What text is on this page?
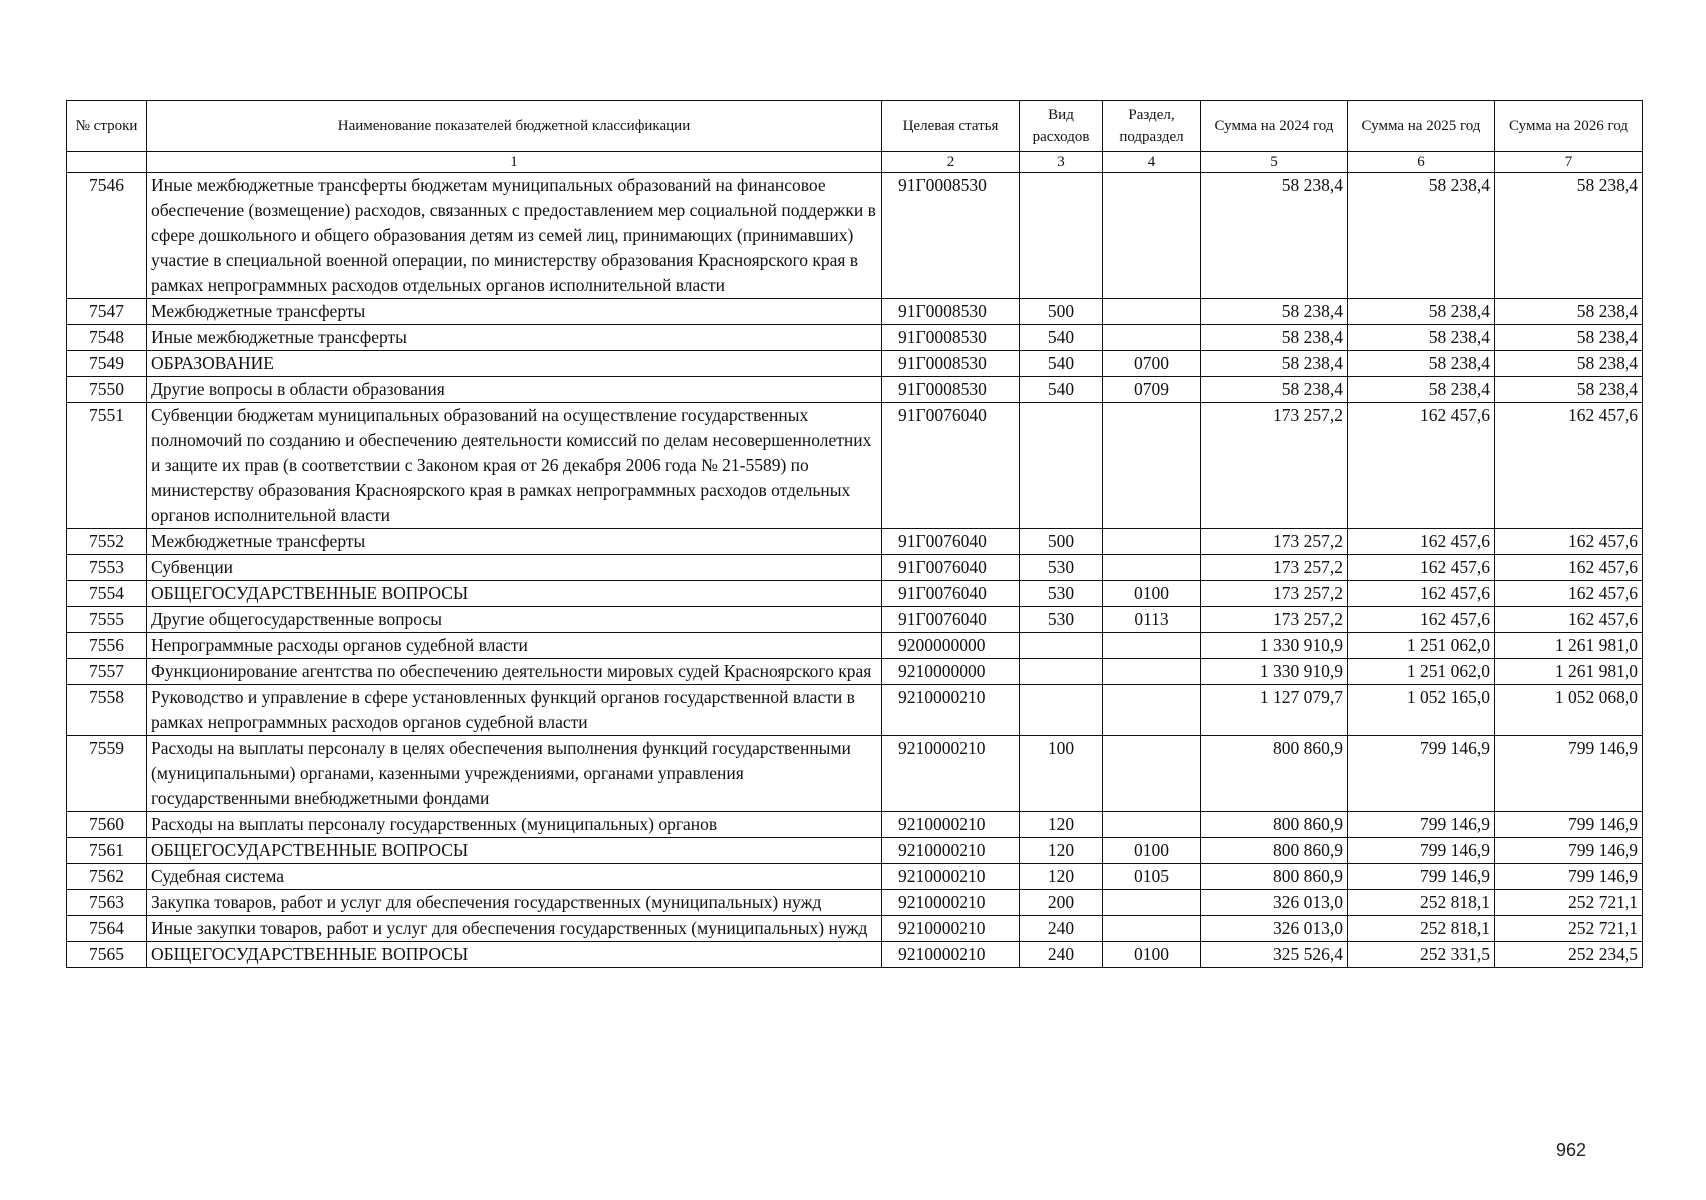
№ строки	Наименование показателей бюджетной классификации	Целевая статья	Вид расходов	Раздел, подраздел	Сумма на 2024 год	Сумма на 2025 год	Сумма на 2026 год
	1	2	3	4	5	6	7
7546	Иные межбюджетные трансферты бюджетам муниципальных образований на финансовое обеспечение (возмещение) расходов, связанных с предоставлением мер социальной поддержки в сфере дошкольного и общего образования детям из семей лиц, принимающих (принимавших) участие в специальной военной операции, по министерству образования Красноярского края в рамках непрограммных расходов отдельных органов исполнительной власти	91Г0008530			58 238,4	58 238,4	58 238,4
7547	Межбюджетные трансферты	91Г0008530	500		58 238,4	58 238,4	58 238,4
7548	Иные межбюджетные трансферты	91Г0008530	540		58 238,4	58 238,4	58 238,4
7549	ОБРАЗОВАНИЕ	91Г0008530	540	0700	58 238,4	58 238,4	58 238,4
7550	Другие вопросы в области образования	91Г0008530	540	0709	58 238,4	58 238,4	58 238,4
7551	Субвенции бюджетам муниципальных образований на осуществление государственных полномочий по созданию и обеспечению деятельности комиссий по делам несовершеннолетних и защите их прав (в соответствии с Законом края от 26 декабря 2006 года № 21-5589) по министерству образования Красноярского края в рамках непрограммных расходов отдельных органов исполнительной власти	91Г0076040			173 257,2	162 457,6	162 457,6
7552	Межбюджетные трансферты	91Г0076040	500		173 257,2	162 457,6	162 457,6
7553	Субвенции	91Г0076040	530		173 257,2	162 457,6	162 457,6
7554	ОБЩЕГОСУДАРСТВЕННЫЕ ВОПРОСЫ	91Г0076040	530	0100	173 257,2	162 457,6	162 457,6
7555	Другие общегосударственные вопросы	91Г0076040	530	0113	173 257,2	162 457,6	162 457,6
7556	Непрограммные расходы органов судебной власти	9200000000			1 330 910,9	1 251 062,0	1 261 981,0
7557	Функционирование агентства по обеспечению деятельности мировых судей Красноярского края	9210000000			1 330 910,9	1 251 062,0	1 261 981,0
7558	Руководство и управление в сфере установленных функций органов государственной власти в рамках непрограммных расходов органов судебной власти	9210000210			1 127 079,7	1 052 165,0	1 052 068,0
7559	Расходы на выплаты персоналу в целях обеспечения выполнения функций государственными (муниципальными) органами, казенными учреждениями, органами управления государственными внебюджетными фондами	9210000210	100		800 860,9	799 146,9	799 146,9
7560	Расходы на выплаты персоналу государственных (муниципальных) органов	9210000210	120		800 860,9	799 146,9	799 146,9
7561	ОБЩЕГОСУДАРСТВЕННЫЕ ВОПРОСЫ	9210000210	120	0100	800 860,9	799 146,9	799 146,9
7562	Судебная система	9210000210	120	0105	800 860,9	799 146,9	799 146,9
7563	Закупка товаров, работ и услуг для обеспечения государственных (муниципальных) нужд	9210000210	200		326 013,0	252 818,1	252 721,1
7564	Иные закупки товаров, работ и услуг для обеспечения государственных (муниципальных) нужд	9210000210	240		326 013,0	252 818,1	252 721,1
7565	ОБЩЕГОСУДАРСТВЕННЫЕ ВОПРОСЫ	9210000210	240	0100	325 526,4	252 331,5	252 234,5
962
